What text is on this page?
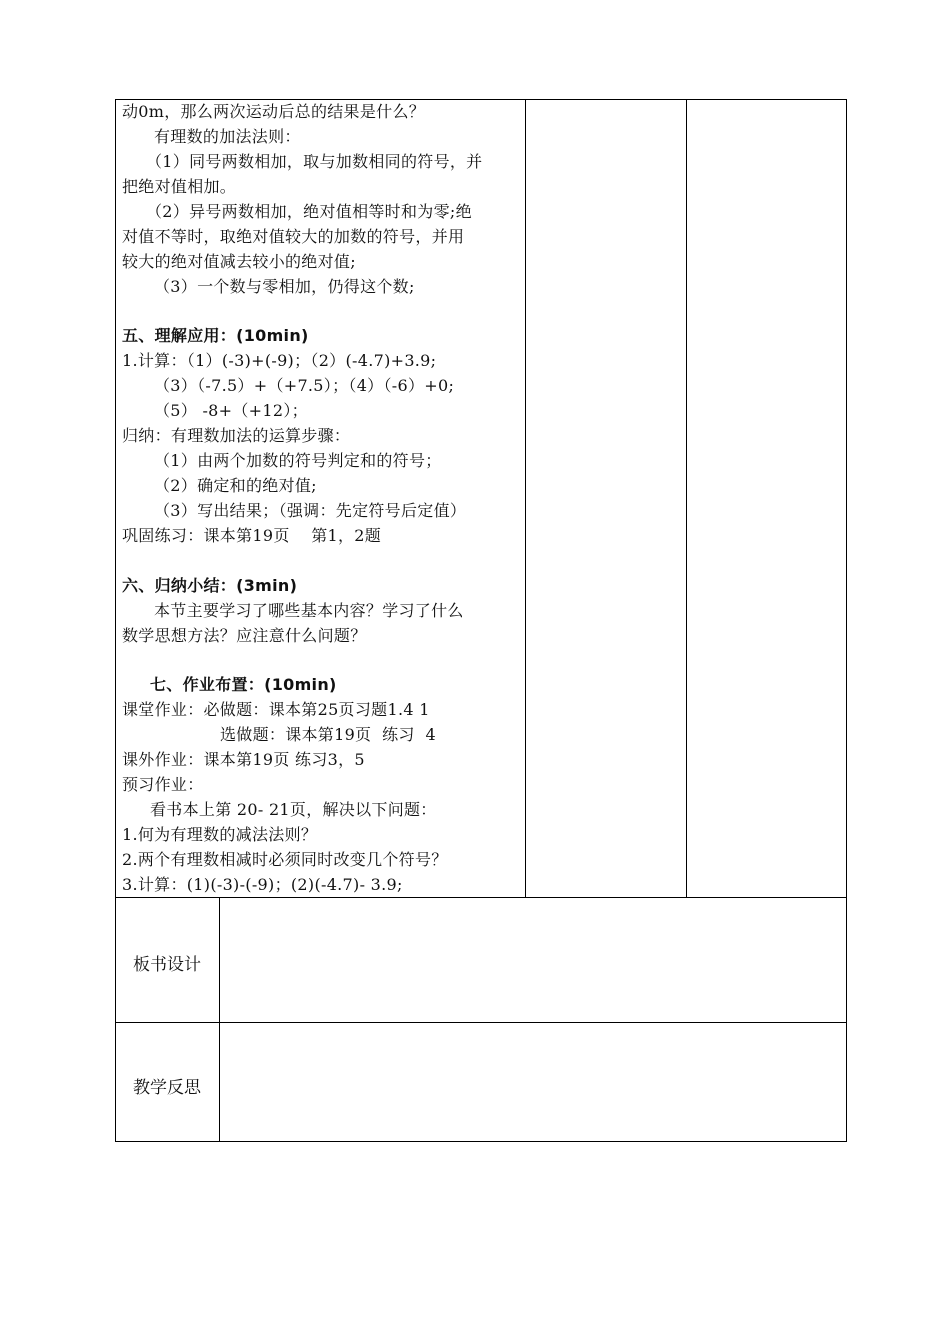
动0m，那么两次运动后总的结果是什么？
有理数的加法法则：
（1）同号两数相加，取与加数相同的符号，并
把绝对值相加。
（2）异号两数相加，绝对值相等时和为零;绝
对值不等时，取绝对值较大的加数的符号，并用
较大的绝对值减去较小的绝对值;
（3）一个数与零相加，仍得这个数;
五、理解应用：(10min)
1.计算：（1）(-3)+(-9)；（2）(-4.7)+3.9;
（3）（-7.5）+（+7.5）；（4）（-6）+0;
（5） -8+（+12）；
归纳：有理数加法的运算步骤：
（1）由两个加数的符号判定和的符号；
（2）确定和的绝对值;
（3）写出结果；（强调：先定符号后定值）
巩固练习：课本第19页    第1，2题
六、归纳小结：(3min)
本节主要学习了哪些基本内容？学习了什么
数学思想方法？应注意什么问题？
七、作业布置：(10min)
课堂作业：必做题：课本第25页习题1.4 1
选做题：课本第19页  练习  4
课外作业：课本第19页 练习3，5
预习作业：
看书本上第 20- 21页，解决以下问题：
1.何为有理数的减法法则？
2.两个有理数相减时必须同时改变几个符号？
3.计算：(1)(-3)-(-9)；(2)(-4.7)- 3.9;
板书设计
教学反思
